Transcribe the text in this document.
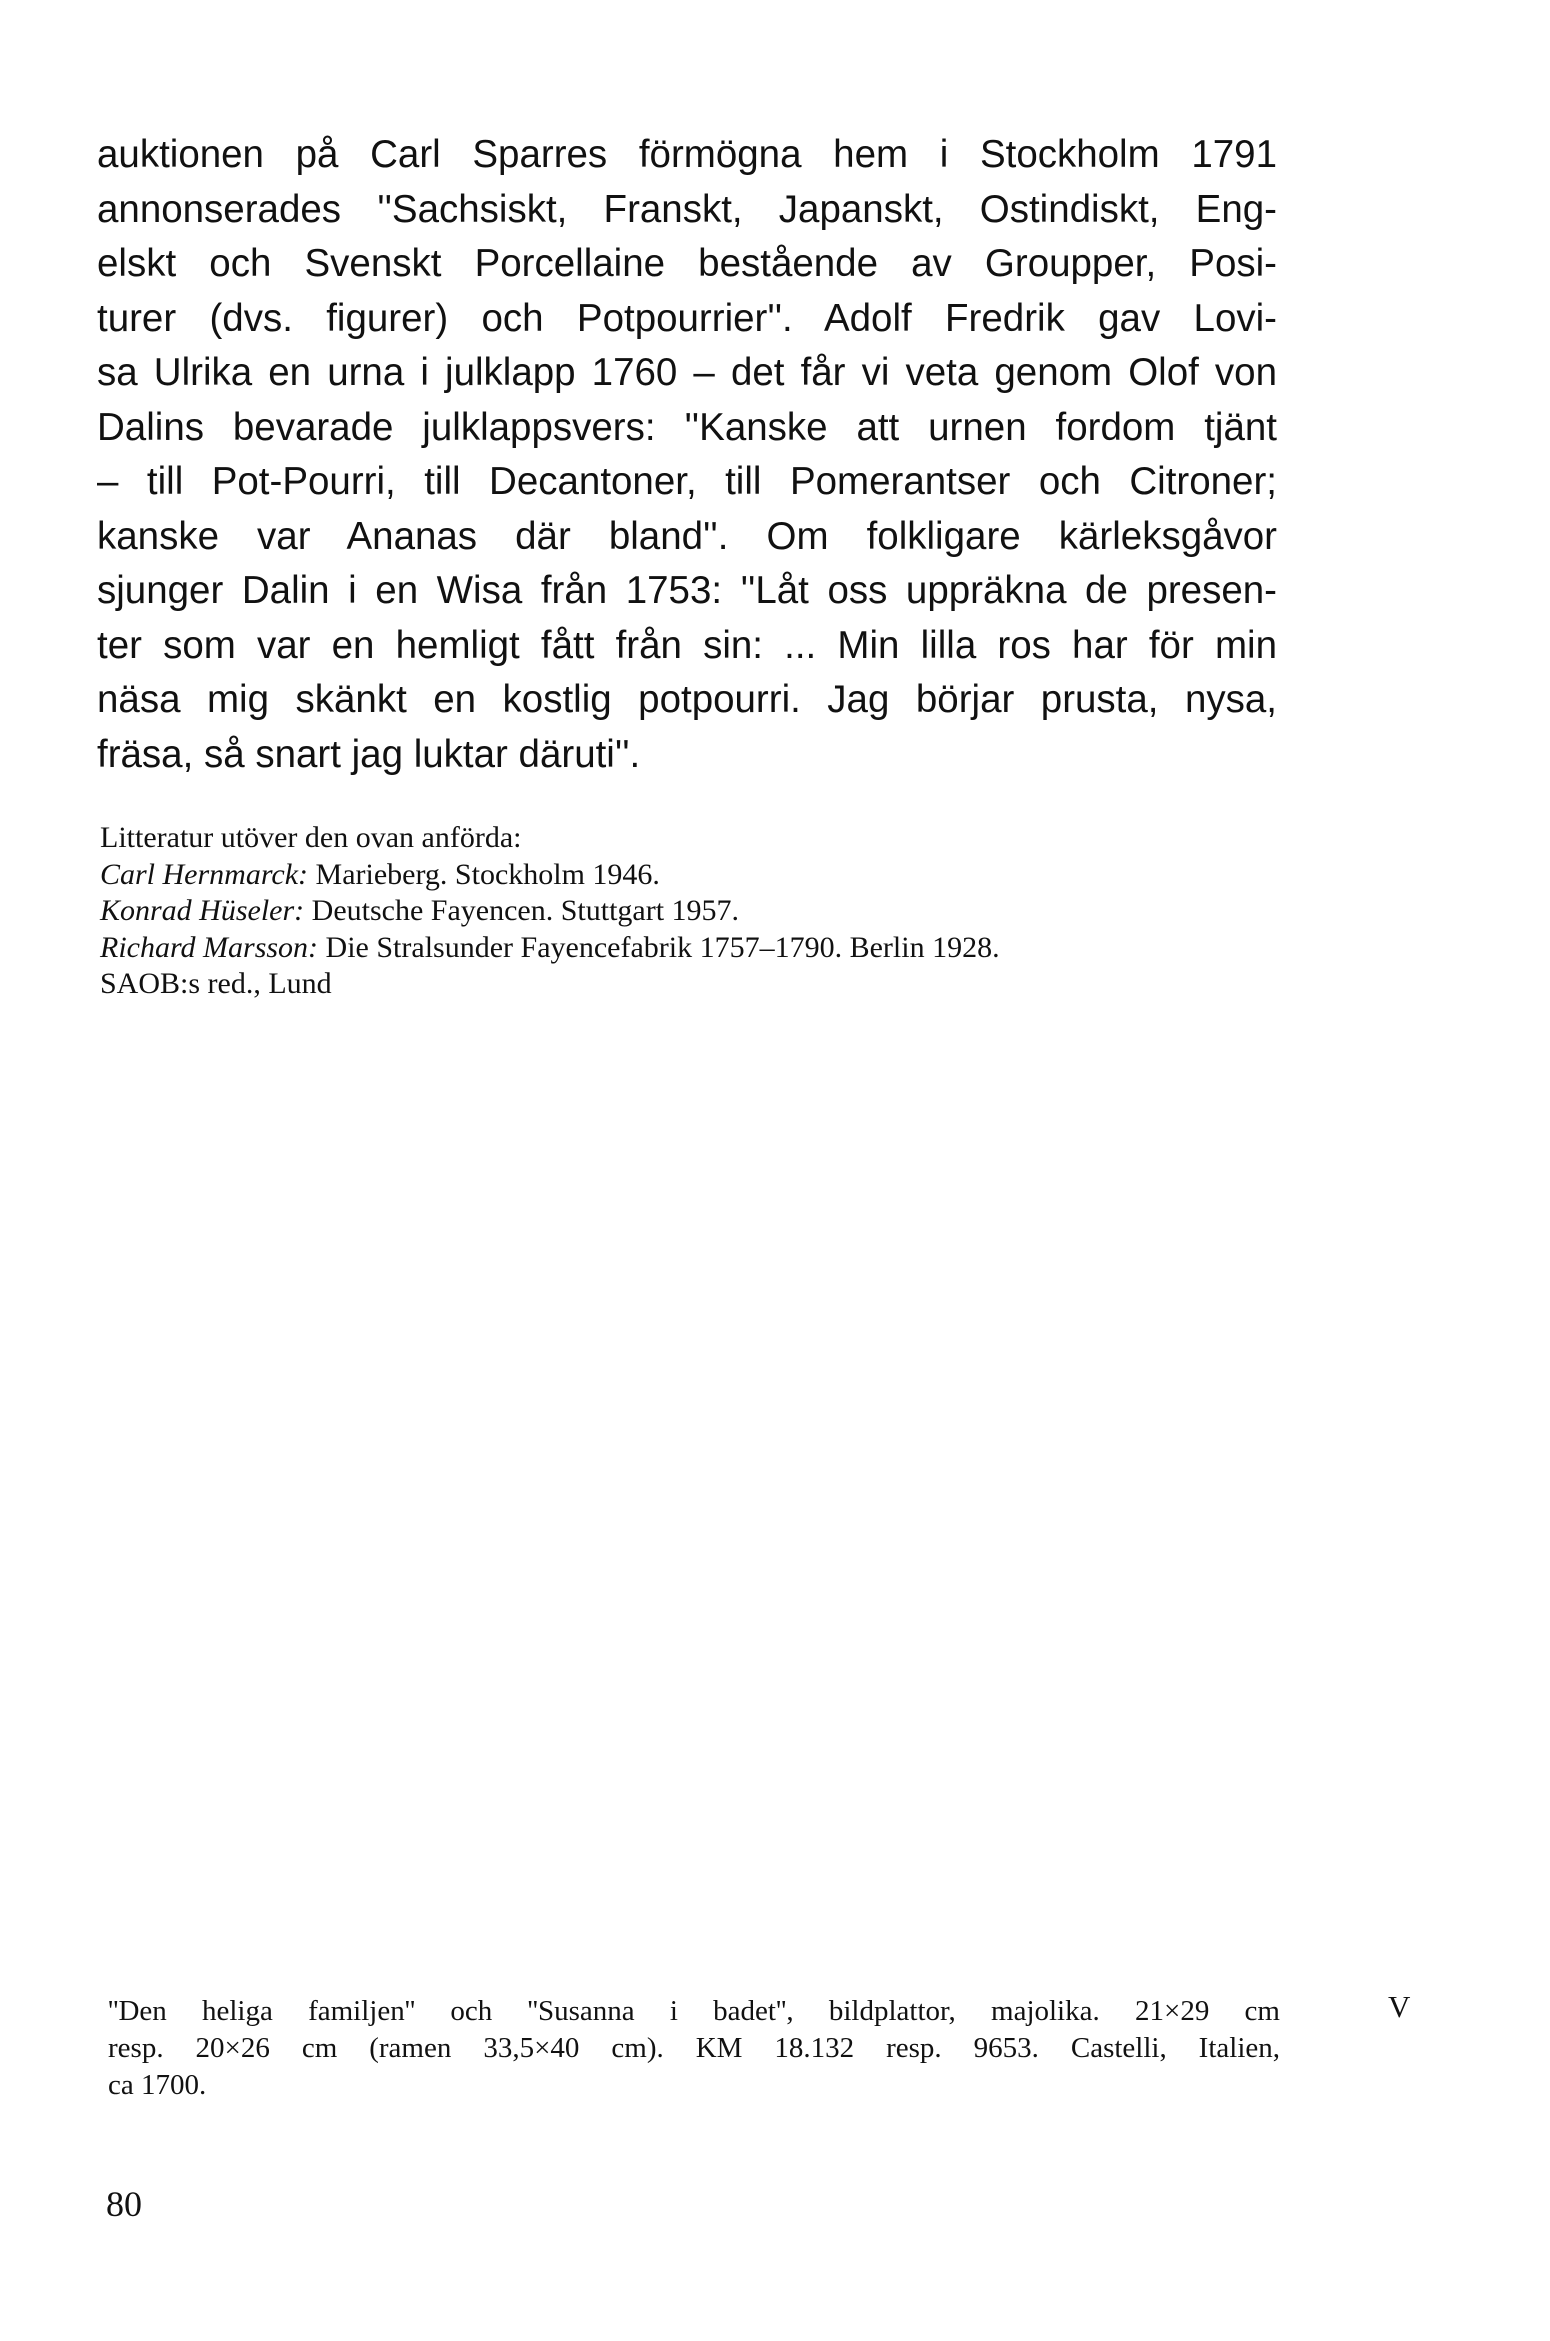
auktionen på Carl Sparres förmögna hem i Stockholm 1791
annonserades ''Sachsiskt, Franskt, Japanskt, Ostindiskt, Eng-
elskt och Svenskt Porcellaine bestående av Groupper, Posi-
turer (dvs. figurer) och Potpourrier''. Adolf Fredrik gav Lovi-
sa Ulrika en urna i julklapp 1760 – det får vi veta genom Olof von
Dalins bevarade julklappsvers: ''Kanske att urnen fordom tjänt
– till Pot-Pourri, till Decantoner, till Pomerantser och Citroner;
kanske var Ananas där bland''. Om folkligare kärleksgåvor
sjunger Dalin i en Wisa från 1753: ''Låt oss uppräkna de presen-
ter som var en hemligt fått från sin: ... Min lilla ros har för min
näsa mig skänkt en kostlig potpourri. Jag börjar prusta, nysa,
fräsa, så snart jag luktar däruti''.
Litteratur utöver den ovan anförda:
Carl Hernmarck: Marieberg. Stockholm 1946.
Konrad Hüseler: Deutsche Fayencen. Stuttgart 1957.
Richard Marsson: Die Stralsunder Fayencefabrik 1757–1790. Berlin 1928.
SAOB:s red., Lund
''Den heliga familjen'' och ''Susanna i badet'', bildplattor, majolika. 21×29 cm
resp. 20×26 cm (ramen 33,5×40 cm). KM 18.132 resp. 9653. Castelli, Italien,
ca 1700.
V
80
